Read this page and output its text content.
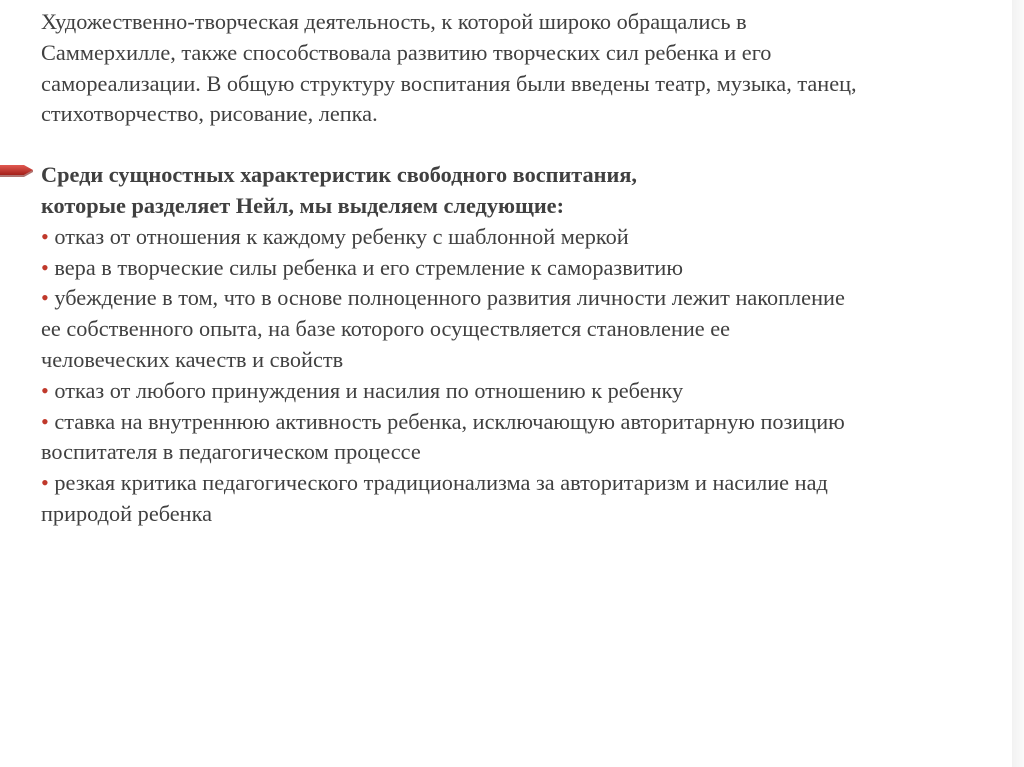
Художественно-творческая деятельность, к которой широко обращались в

Саммерхилле, также способствовала развитию творческих сил ребенка и его

самореализации. В общую структуру воспитания были введены театр, музыка, танец,

стихотворчество, рисование, лепка.

Среди сущностных характеристик свободного воспитания,

которые разделяет Нейл, мы выделяем следующие:

• отказ от отношения к каждому ребенку с шаблонной меркой

• вера в творческие силы ребенка и его стремление к саморазвитию

• убеждение в том, что в основе полноценного развития личности лежит накопление

ее собственного опыта, на базе которого осуществляется становление ее

человеческих качеств и свойств

• отказ от любого принуждения и насилия по отношению к ребенку

• ставка на внутреннюю активность ребенка, исключающую авторитарную позицию

воспитателя в педагогическом процессе

• резкая критика педагогического традиционализма за авторитаризм и насилие над

природой ребенка
